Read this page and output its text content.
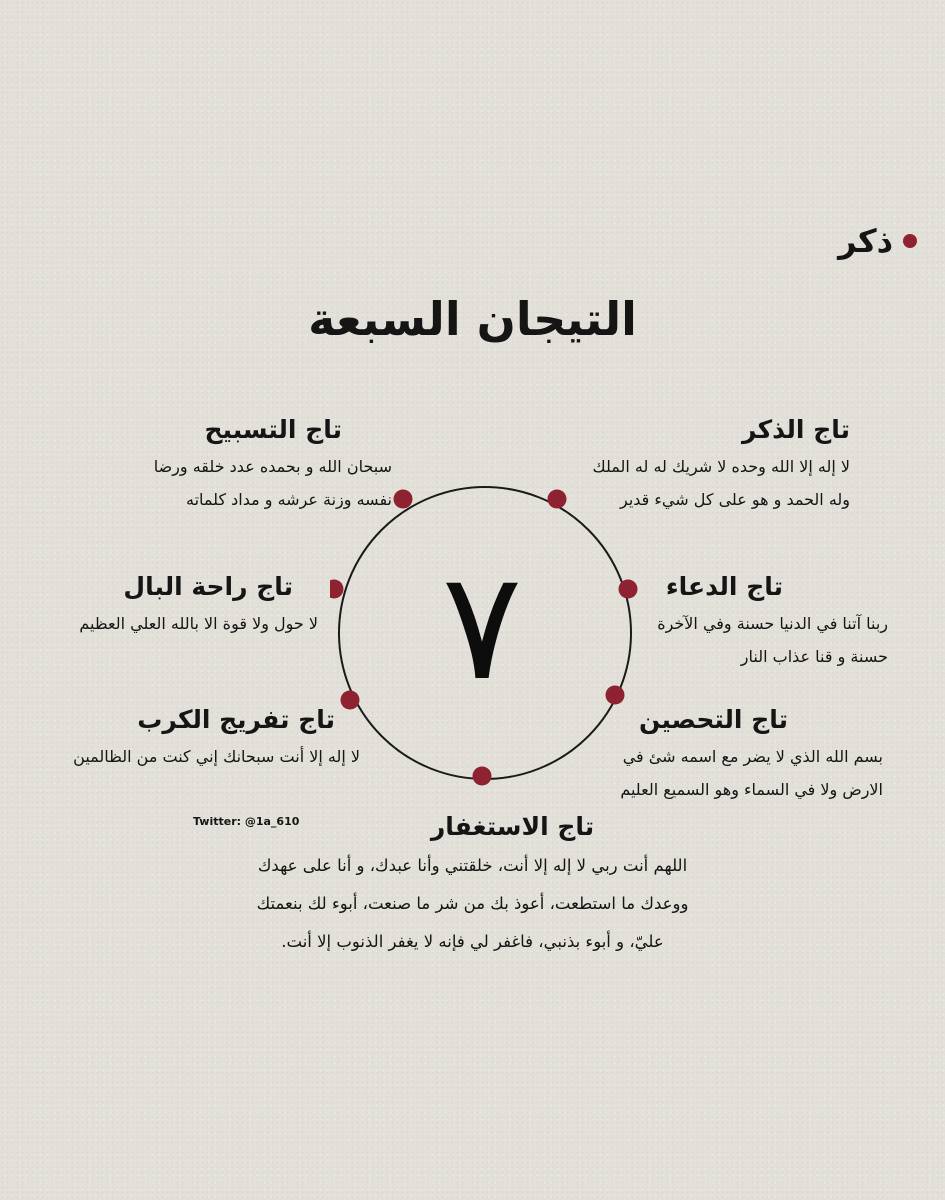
ذكر
التيجان السبعة
تاج الذكر
لا إله إلا الله وحده لا شريك له له الملك
وله الحمد و هو على كل شيء قدير
تاج التسبيح
سبحان الله و بحمده عدد خلقه ورضا
نفسه وزنة عرشه و مداد كلماته
تاج الدعاء
ربنا آتنا في الدنيا حسنة وفي الآخرة
حسنة و قنا عذاب النار
تاج راحة البال
لا حول ولا قوة الا بالله العلي العظيم
تاج التحصين
بسم الله الذي لا يضر مع اسمه شئ في
الارض ولا في السماء وهو السميع العليم
تاج تفريج الكرب
لا إله إلا أنت سبحانك إني كنت من الظالمين
٧
Twitter: @1a_610	تاج الاستغفار
اللهم أنت ربي لا إله إلا أنت، خلقتني وأنا عبدك، و أنا على عهدك
ووعدك ما استطعت، أعوذ بك من شر ما صنعت، أبوء لك بنعمتك
عليّ، و أبوء بذنبي، فاغفر لي فإنه لا يغفر الذنوب إلا أنت.
